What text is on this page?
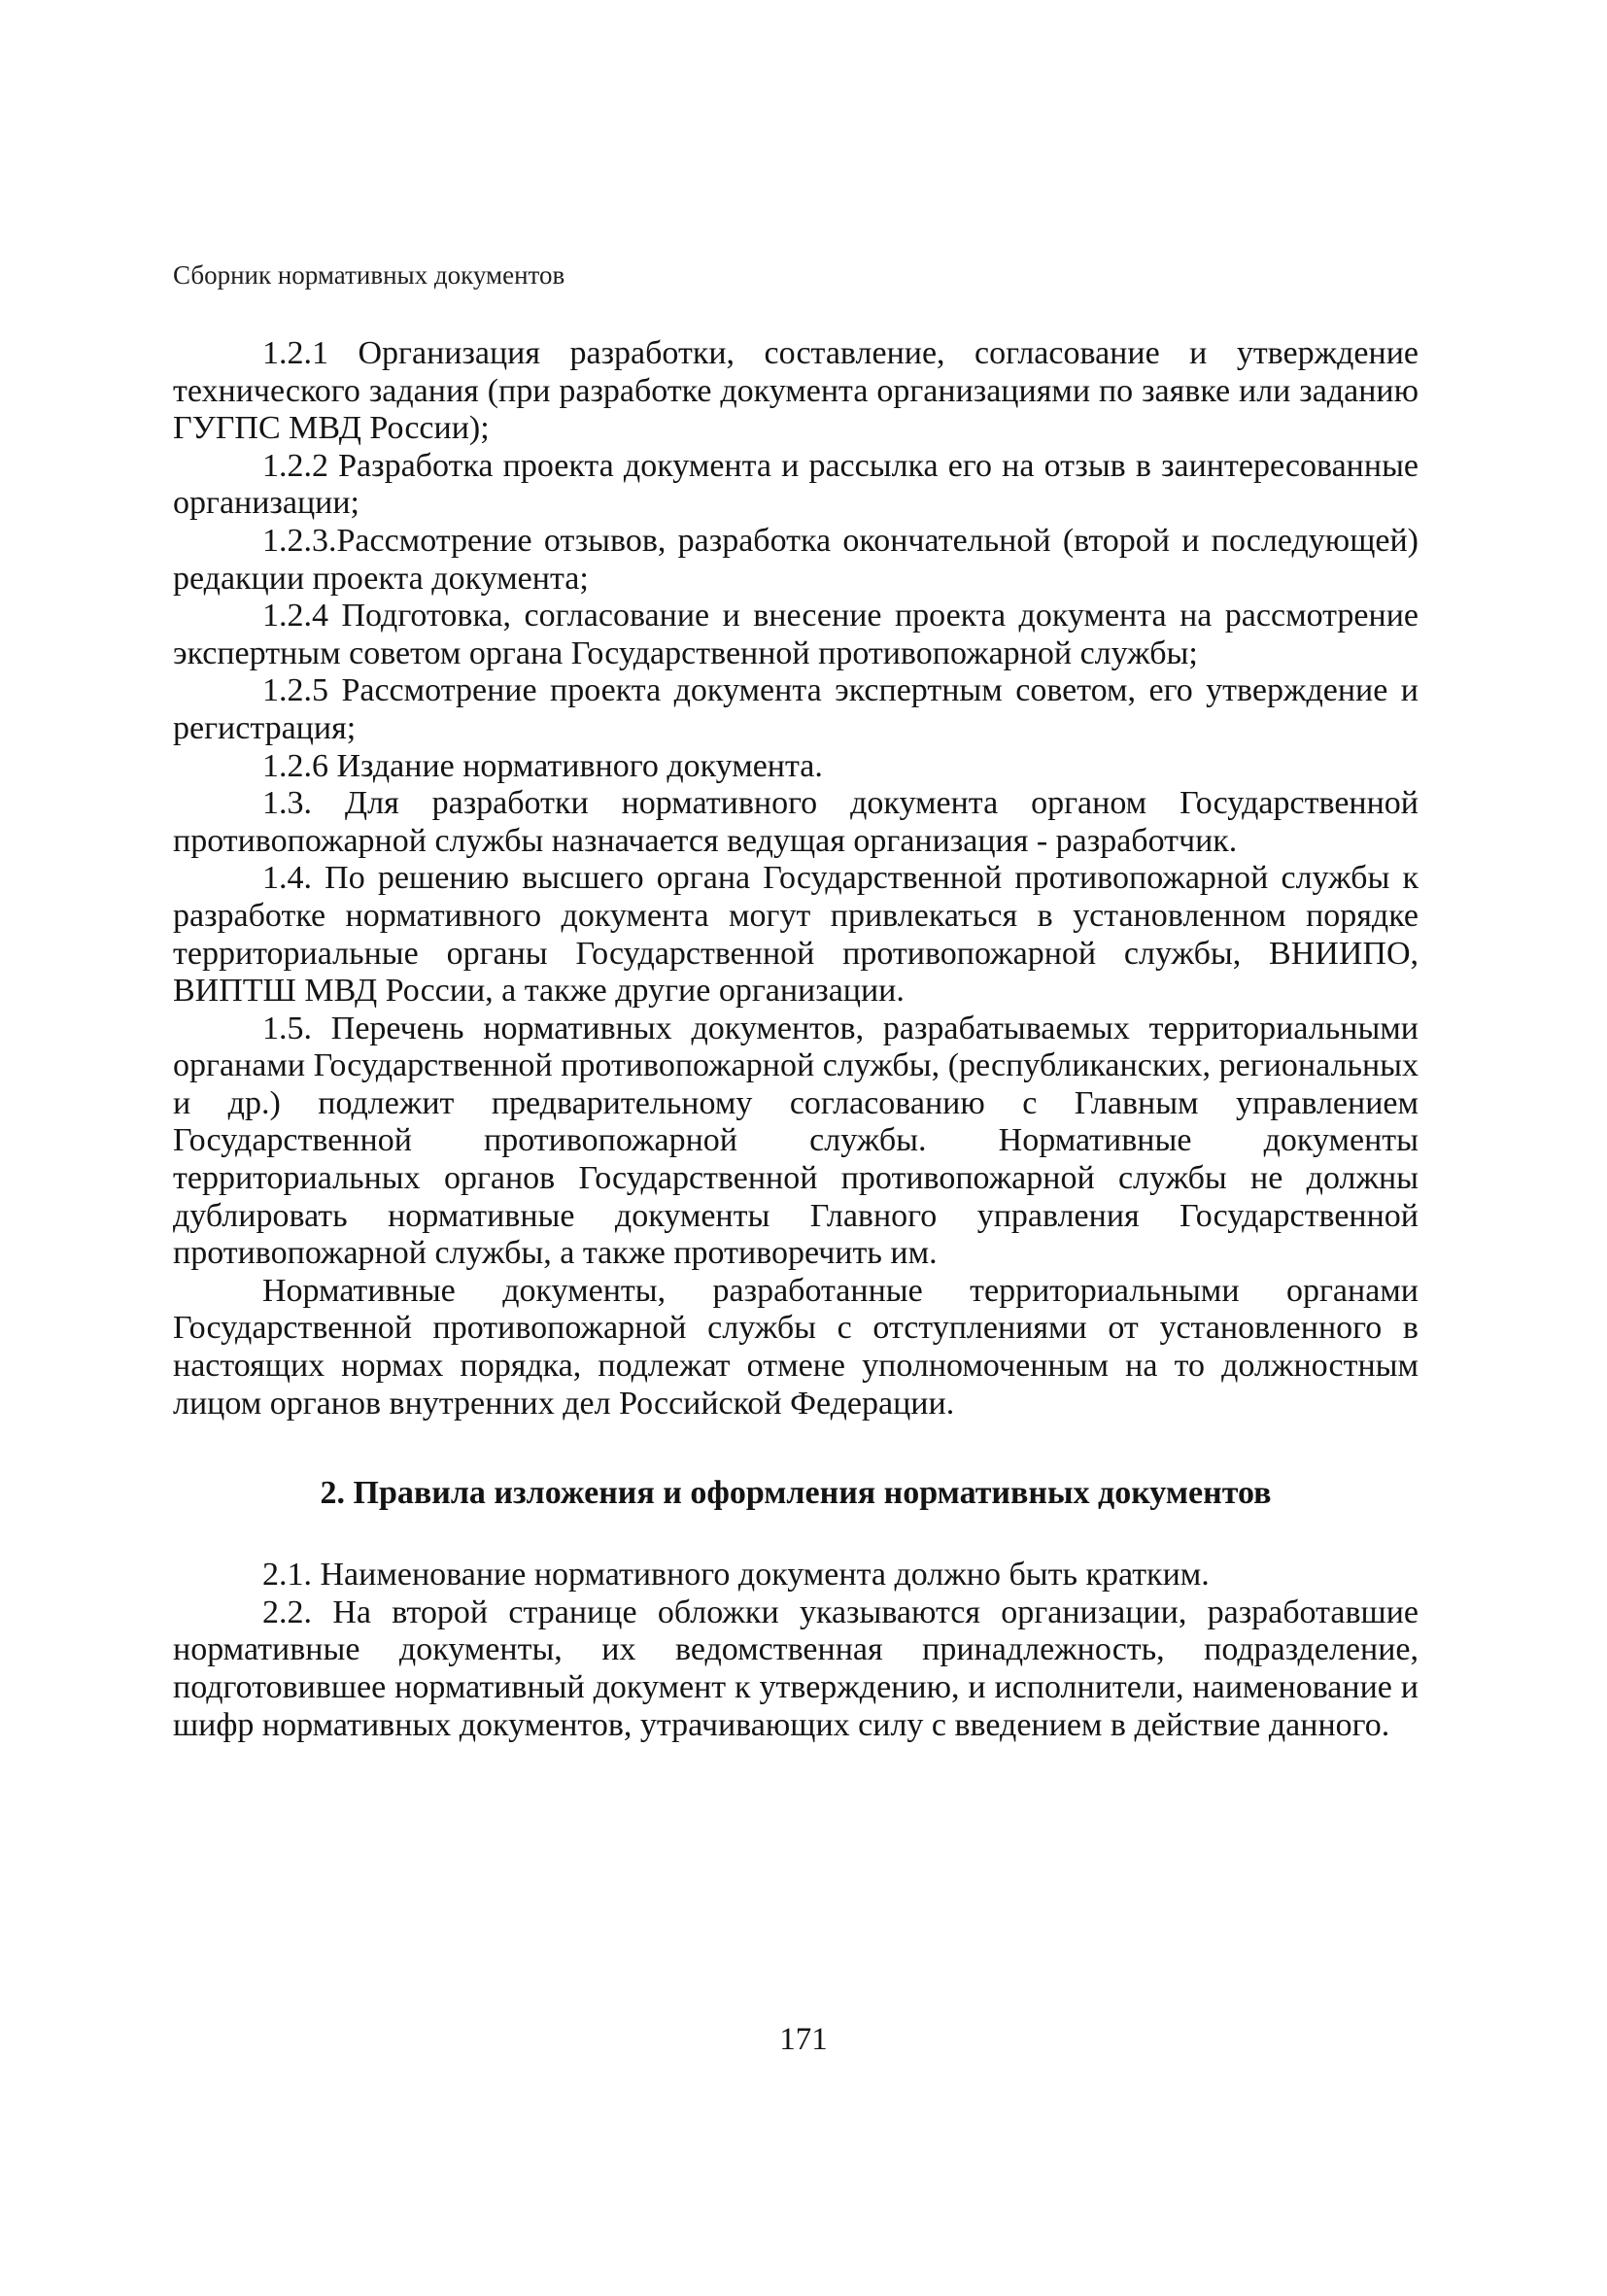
Сборник нормативных документов

1.2.1 Организация разработки, составление, согласование и утверждение технического задания (при разработке документа организациями по заявке или заданию ГУГПС МВД России);

1.2.2 Разработка проекта документа и рассылка его на отзыв в заинтересованные организации;

1.2.3.Рассмотрение отзывов, разработка окончательной (второй и последующей) редакции проекта документа;

1.2.4 Подготовка, согласование и внесение проекта документа на рассмотрение экспертным советом органа Государственной противопожарной службы;

1.2.5 Рассмотрение проекта документа экспертным советом, его утверждение и регистрация;

1.2.6 Издание нормативного документа.

1.3. Для разработки нормативного документа органом Государственной противопожарной службы назначается ведущая организация - разработчик.

1.4. По решению высшего органа Государственной противопожарной службы к разработке нормативного документа могут привлекаться в установленном порядке территориальные органы Государственной противопожарной службы, ВНИИПО, ВИПТШ МВД России, а также другие организации.

1.5. Перечень нормативных документов, разрабатываемых территориальными органами Государственной противопожарной службы, (республиканских, региональных и др.) подлежит предварительному согласованию с Главным управлением Государственной противопожарной службы. Нормативные документы территориальных органов Государственной противопожарной службы не должны дублировать нормативные документы Главного управления Государственной противопожарной службы, а также противоречить им.

Нормативные документы, разработанные территориальными органами Государственной противопожарной службы с отступлениями от установленного в настоящих нормах порядка, подлежат отмене уполномоченным на то должностным лицом органов внутренних дел Российской Федерации.

2. Правила изложения и оформления нормативных документов

2.1. Наименование нормативного документа должно быть кратким.

2.2. На второй странице обложки указываются организации, разработавшие нормативные документы, их ведомственная принадлежность, подразделение, подготовившее нормативный документ к утверждению, и исполнители, наименование и шифр нормативных документов, утрачивающих силу с введением в действие данного.

171
